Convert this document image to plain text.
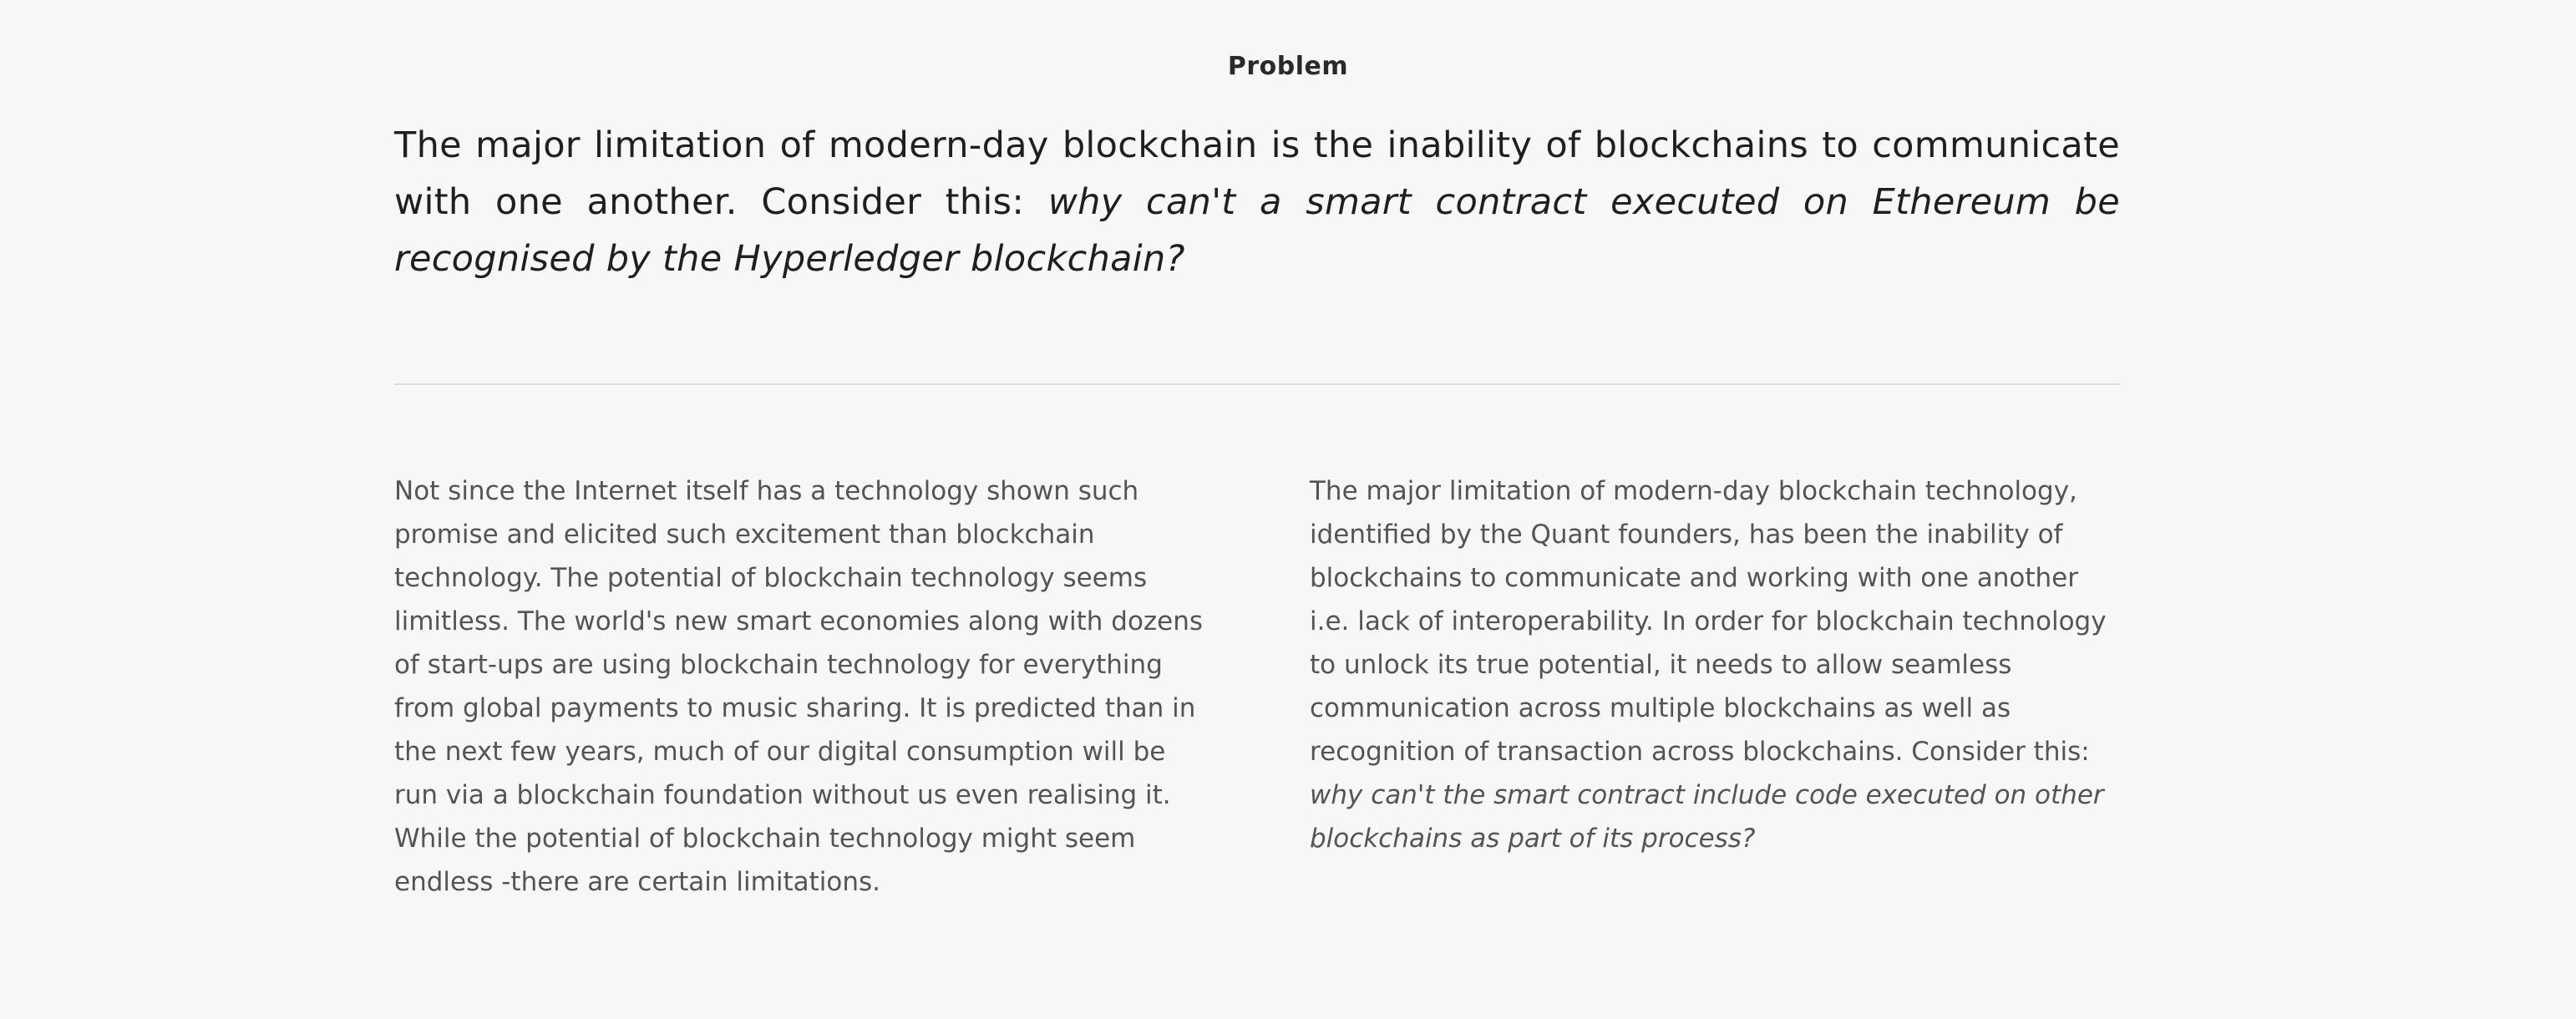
Problem

The major limitation of modern-day blockchain is the inability of blockchains to communicate with one another. Consider this: why can't a smart contract executed on Ethereum be recognised by the Hyperledger blockchain?

Not since the Internet itself has a technology shown such promise and elicited such excitement than blockchain technology. The potential of blockchain technology seems limitless. The world's new smart economies along with dozens of start-ups are using blockchain technology for everything from global payments to music sharing. It is predicted than in the next few years, much of our digital consumption will be run via a blockchain foundation without us even realising it. While the potential of blockchain technology might seem endless -there are certain limitations.

The major limitation of modern-day blockchain technology, identified by the Quant founders, has been the inability of blockchains to communicate and working with one another i.e. lack of interoperability. In order for blockchain technology to unlock its true potential, it needs to allow seamless communication across multiple blockchains as well as recognition of transaction across blockchains. Consider this: why can't the smart contract include code executed on other blockchains as part of its process?
